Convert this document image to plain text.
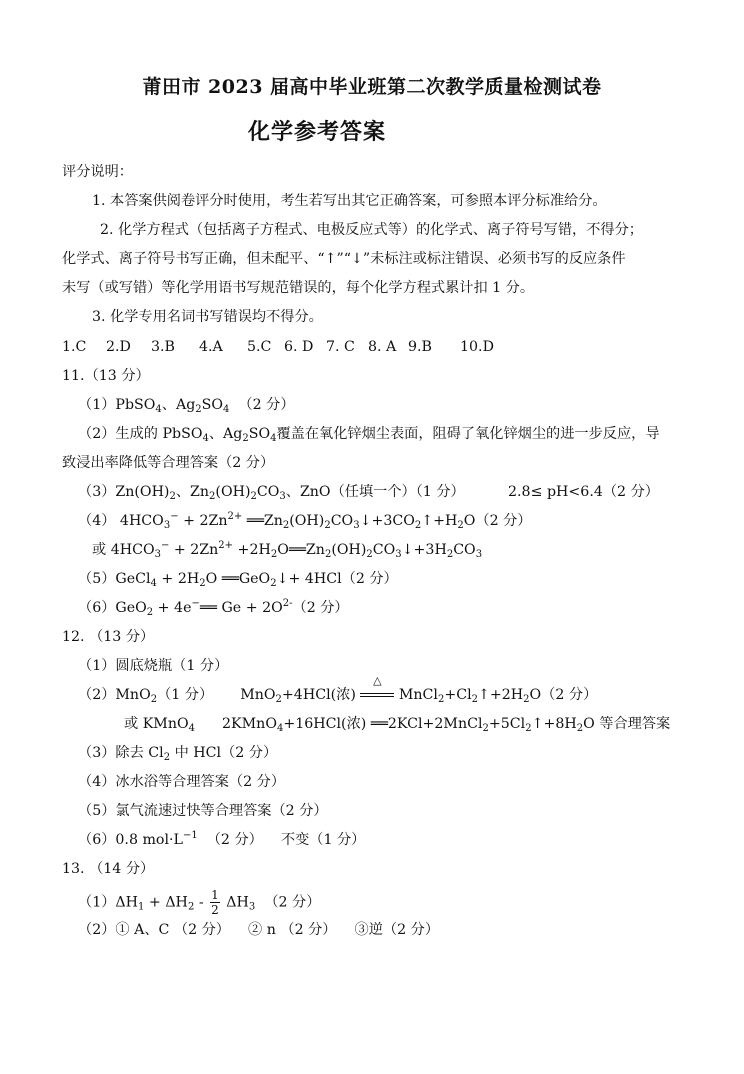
莆田市 2023 届高中毕业班第二次教学质量检测试卷
化学参考答案
评分说明：
1. 本答案供阅卷评分时使用，考生若写出其它正确答案，可参照本评分标准给分。
2. 化学方程式（包括离子方程式、电极反应式等）的化学式、离子符号写错，不得分；
化学式、离子符号书写正确，但未配平、“↑”“↓”未标注或标注错误、必须书写的反应条件
未写（或写错）等化学用语书写规范错误的，每个化学方程式累计扣 1 分。
3. 化学专用名词书写错误均不得分。
1.C 2.D 3.B 4.A 5.C 6. D 7. C 8. A 9.B 10.D
11.（13 分）
（1）PbSO$_4$、$Ag_2SO_4$ （2 分）
（2）生成的 PbSO$_4$、$Ag_2SO_4$覆盖在氧化锌烟尘表面，阻碍了氧化锌烟尘的进一步反应，导
致浸出率降低等合理答案（2 分）
$(3)Zn(OH)_2$、$Zn_2(OH)_2CO_3$、ZnO（任填一个）（1 分）	2.8≤ pH<6.4（2 分）
（4） $4HCO_3^- + 2Zn^{2+}$ $══Zn_2(OH)_2CO_3↓+3CO_2↑+H_2O(2$ 分）
或 $4HCO_3^- + 2Zn^{2+}$ $+2H_2O══Zn_2(OH)_2CO_3↓+3H_2CO_3$
（5）GeCl$_4$ + $2H_2O$ ══GeO$_2$↓+ 4HCl（2 分）
（6）GeO$_2$ + 4e−══ $Ge + 2O^{2-}(2$ 分）
12. （13 分）
（1）圆底烧瓶（1 分）
（2）MnO$_2$（1 分） MnO$_2$+4HCl(浓)
△
$MnCl_2+Cl_2↑+2H_2O(2$ 分）
或 KMnO$_4$ 2KMnO$_4$+16HCl(浓) $══2KCl+2MnCl_2+5Cl_2↑+8H_2O$ 等合理答案
（3）除去 $Cl_2$ 中 HCl（2 分）
（4）冰水浴等合理答案（2 分）
（5）氯气流速过快等合理答案（2 分）
（6）0.8 $mol\cdot L^{-1}$ （2 分） 不变（1 分）
13. （14 分）
$(1)\Delta H_1 + \Delta H_2 - \frac{1}{2} \Delta H_3$ （2 分）
（2）① A、C （2 分） ② n （2 分） ③逆（2 分）
